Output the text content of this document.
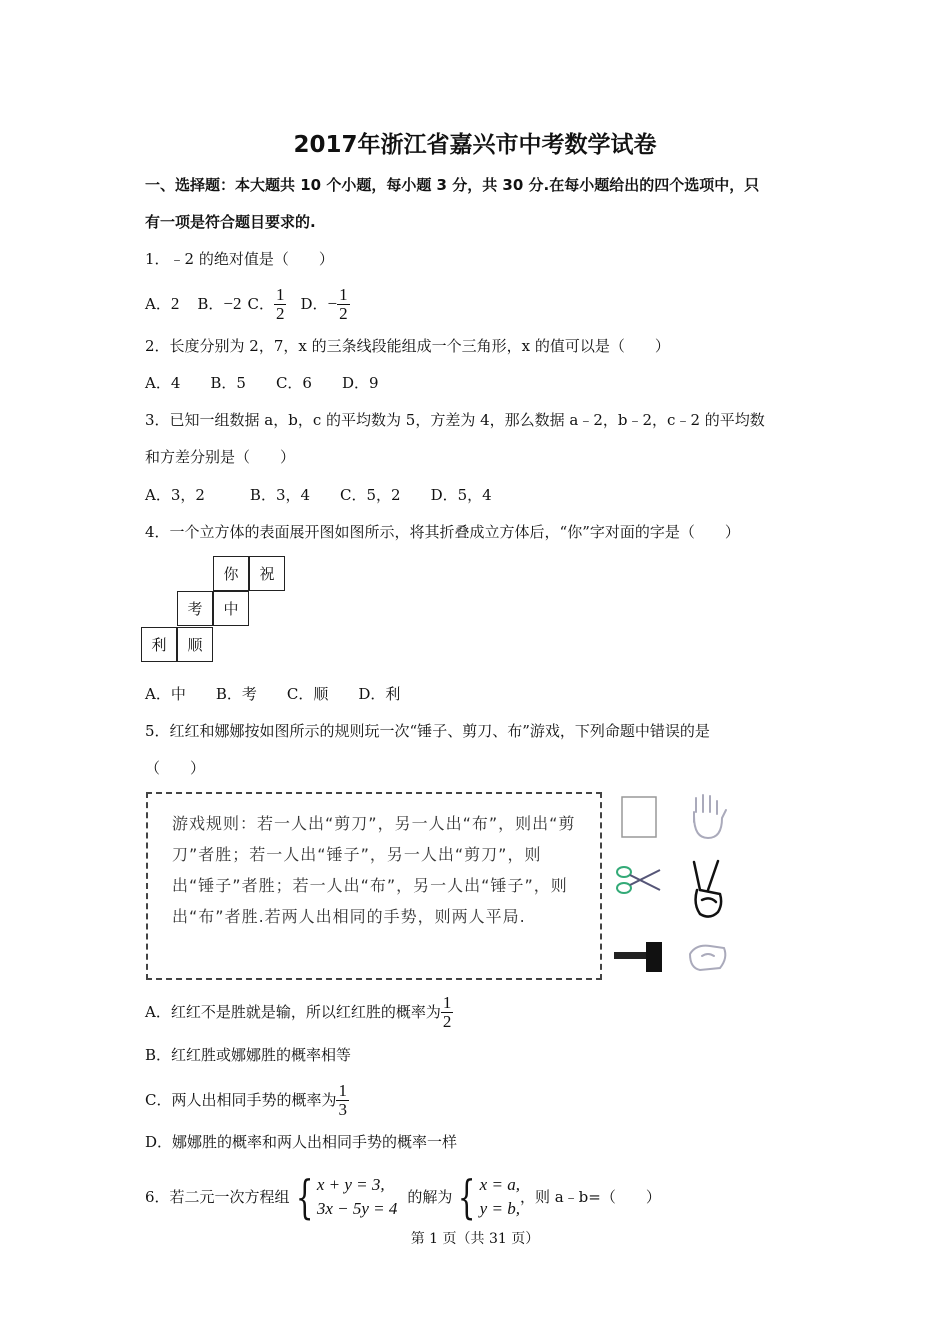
2017年浙江省嘉兴市中考数学试卷
一、选择题：本大题共 10 个小题，每小题 3 分，共 30 分.在每小题给出的四个选项中，只
有一项是符合题目要求的.
1．﹣2 的绝对值是（　　）
A． 2 B． −2 C． $\frac{1}{2}$ D． − $\frac{1}{2}$
2．长度分别为 2，7，x 的三条线段能组成一个三角形，x 的值可以是（　　）
A．4　　B．5　　C．6　　D．9
3．已知一组数据 a，b，c 的平均数为 5，方差为 4，那么数据 a﹣2，b﹣2，c﹣2 的平均数
和方差分别是（　　）
A．3，2　　　B．3，4　　C．5，2　　D．5，4
4．一个立方体的表面展开图如图所示，将其折叠成立方体后，“你”字对面的字是（　　）
你	祝
考	中
利	顺
A．中　　B．考　　C．顺　　D．利
5．红红和娜娜按如图所示的规则玩一次“锤子、剪刀、布”游戏，下列命题中错误的是
（　　）
游戏规则：若一人出“剪刀”，另一人出“布”，则出“剪刀”者胜；若一人出“锤子”，另一人出“剪刀”，则出“锤子”者胜；若一人出“布”，另一人出“锤子”，则出“布”者胜.若两人出相同的手势，则两人平局.
A．红红不是胜就是输，所以红红胜的概率为 $\frac{1}{2}$
B．红红胜或娜娜胜的概率相等
C．两人出相同手势的概率为 $\frac{1}{3}$
D．娜娜胜的概率和两人出相同手势的概率一样
6．若二元一次方程组 { x + y = 3,
3x − 5y = 4
的解为 { x = a,
y = b,
，则 a﹣b=（　　）
第 1 页（共 31 页）
